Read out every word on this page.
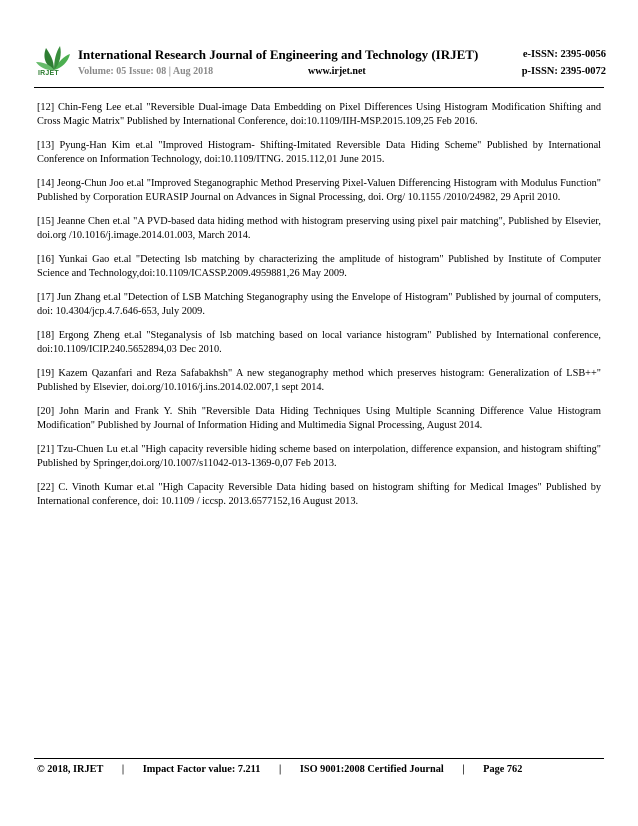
IRJET
International Research Journal of Engineering and Technology (IRJET)	e-ISSN: 2395-0056
Volume: 05 Issue: 08 | Aug 2018	www.irjet.net	p-ISSN: 2395-0072

[12] Chin-Feng Lee et.al "Reversible Dual-image Data Embedding on Pixel Differences Using Histogram Modification Shifting and Cross Magic Matrix" Published by International Conference, doi:10.1109/IIH-MSP.2015.109,25 Feb 2016.

[13] Pyung-Han Kim et.al "Improved Histogram- Shifting-Imitated Reversible Data Hiding Scheme" Published by International Conference on Information Technology, doi:10.1109/ITNG. 2015.112,01 June 2015.

[14] Jeong-Chun Joo et.al "Improved Steganographic Method Preserving Pixel-Valuen Differencing Histogram with Modulus Function" Published by Corporation EURASIP Journal on Advances in Signal Processing, doi. Org/ 10.1155 /2010/24982, 29 April 2010.

[15] Jeanne Chen et.al "A PVD-based data hiding method with histogram preserving using pixel pair matching", Published by Elsevier, doi.org /10.1016/j.image.2014.01.003, March 2014.

[16] Yunkai Gao et.al "Detecting lsb matching by characterizing the amplitude of histogram" Published by Institute of Computer Science and Technology,doi:10.1109/ICASSP.2009.4959881,26 May 2009.

[17] Jun Zhang et.al "Detection of LSB Matching Steganography using the Envelope of Histogram" Published by journal of computers, doi: 10.4304/jcp.4.7.646-653, July 2009.

[18] Ergong Zheng et.al "Steganalysis of lsb matching based on local variance histogram" Published by International conference, doi:10.1109/ICIP.240.5652894,03 Dec 2010.

[19] Kazem Qazanfari and Reza Safabakhsh" A new steganography method which preserves histogram: Generalization of LSB++" Published by Elsevier, doi.org/10.1016/j.ins.2014.02.007,1 sept 2014.

[20] John Marin and Frank Y. Shih "Reversible Data Hiding Techniques Using Multiple Scanning Difference Value Histogram Modification" Published by Journal of Information Hiding and Multimedia Signal Processing, August 2014.

[21] Tzu-Chuen Lu et.al "High capacity reversible hiding scheme based on interpolation, difference expansion, and histogram shifting" Published by Springer,doi.org/10.1007/s11042-013-1369-0,07 Feb 2013.

[22] C. Vinoth Kumar et.al "High Capacity Reversible Data hiding based on histogram shifting for Medical Images" Published by International conference, doi: 10.1109 / iccsp. 2013.6577152,16 August 2013.

© 2018, IRJET | Impact Factor value: 7.211 | ISO 9001:2008 Certified Journal | Page 762
